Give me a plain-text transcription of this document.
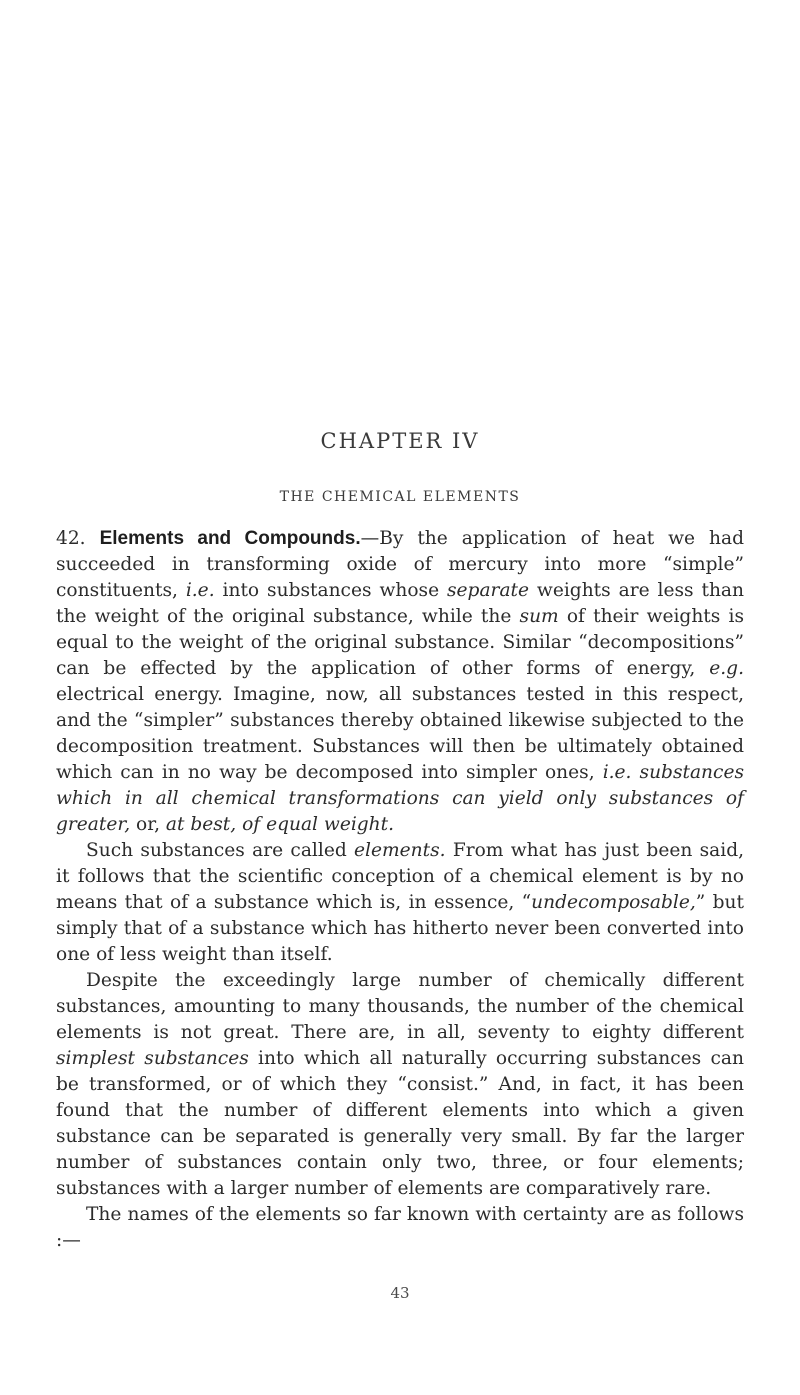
CHAPTER IV
THE CHEMICAL ELEMENTS

42. Elements and Compounds.—By the application of heat we had succeeded in transforming oxide of mercury into more “simple” constituents, i.e. into substances whose separate weights are less than the weight of the original substance, while the sum of their weights is equal to the weight of the original substance. Similar “decompositions” can be effected by the application of other forms of energy, e.g. electrical energy. Imagine, now, all substances tested in this respect, and the “simpler” substances thereby obtained likewise subjected to the decomposition treatment. Substances will then be ultimately obtained which can in no way be decomposed into simpler ones, i.e. substances which in all chemical transformations can yield only substances of greater, or, at best, of equal weight.

Such substances are called elements. From what has just been said, it follows that the scientific conception of a chemical element is by no means that of a substance which is, in essence, “undecomposable,” but simply that of a substance which has hitherto never been converted into one of less weight than itself.

Despite the exceedingly large number of chemically different substances, amounting to many thousands, the number of the chemical elements is not great. There are, in all, seventy to eighty different simplest substances into which all naturally occurring substances can be transformed, or of which they “consist.” And, in fact, it has been found that the number of different elements into which a given substance can be separated is generally very small. By far the larger number of substances contain only two, three, or four elements; substances with a larger number of elements are comparatively rare.

The names of the elements so far known with certainty are as follows :—

43
